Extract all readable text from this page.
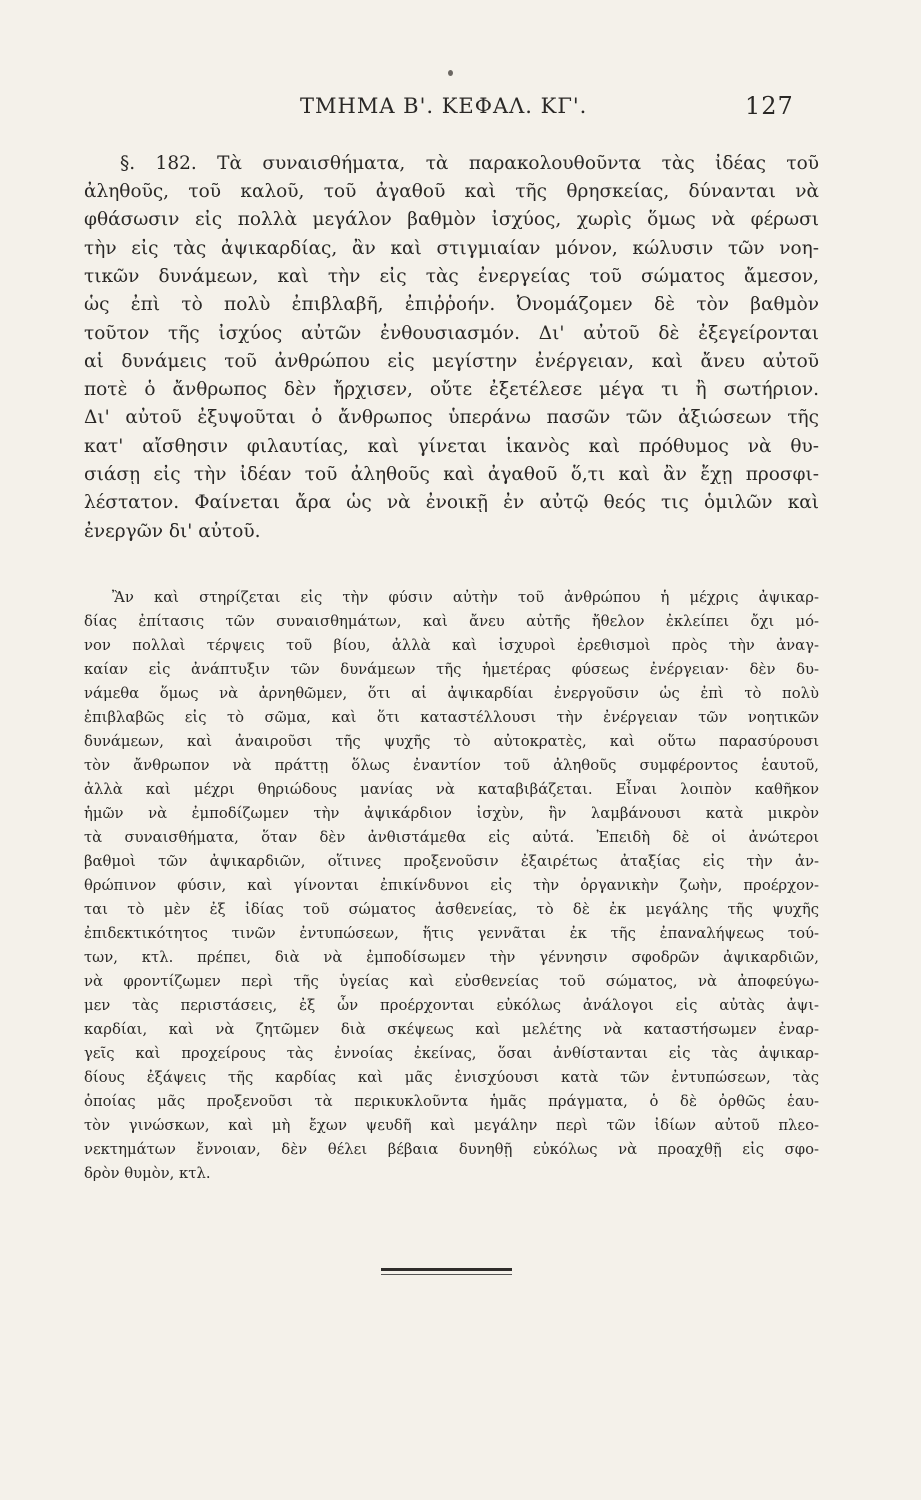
ΤΜΗΜΑ Β'. ΚΕΦΑΛ. ΚΓ'.	127
§. 182. Τὰ συναισθήματα, τὰ παρακολουθοῦντα τὰς ἰδέας τοῦ
ἀληθοῦς, τοῦ καλοῦ, τοῦ ἀγαθοῦ καὶ τῆς θρησκείας, δύνανται νὰ
φθάσωσιν εἰς πολλὰ μεγάλον βαθμὸν ἰσχύος, χωρὶς ὅμως νὰ φέρωσι
τὴν εἰς τὰς ἀψικαρδίας, ἂν καὶ στιγμιαίαν μόνον, κώλυσιν τῶν νοη-
τικῶν δυνάμεων, καὶ τὴν εἰς τὰς ἐνεργείας τοῦ σώματος ἄμεσον,
ὡς ἐπὶ τὸ πολὺ ἐπιβλαβῆ, ἐπιῤῥοήν. Ὀνομάζομεν δὲ τὸν βαθμὸν
τοῦτον τῆς ἰσχύος αὐτῶν ἐνθουσιασμόν. Δι' αὐτοῦ δὲ ἐξεγείρονται
αἱ δυνάμεις τοῦ ἀνθρώπου εἰς μεγίστην ἐνέργειαν, καὶ ἄνευ αὐτοῦ
ποτὲ ὁ ἄνθρωπος δὲν ἤρχισεν, οὔτε ἐξετέλεσε μέγα τι ἢ σωτήριον.
Δι' αὐτοῦ ἐξυψοῦται ὁ ἄνθρωπος ὑπεράνω πασῶν τῶν ἀξιώσεων τῆς
κατ' αἴσθησιν φιλαυτίας, καὶ γίνεται ἱκανὸς καὶ πρόθυμος νὰ θυ-
σιάσῃ εἰς τὴν ἰδέαν τοῦ ἀληθοῦς καὶ ἀγαθοῦ ὅ,τι καὶ ἂν ἔχῃ προσφι-
λέστατον. Φαίνεται ἄρα ὡς νὰ ἐνοικῇ ἐν αὐτῷ θεός τις ὁμιλῶν καὶ
ἐνεργῶν δι' αὐτοῦ.
Ἂν καὶ στηρίζεται εἰς τὴν φύσιν αὐτὴν τοῦ ἀνθρώπου ἡ μέχρις ἀψικαρ-
δίας ἐπίτασις τῶν συναισθημάτων, καὶ ἄνευ αὐτῆς ἤθελον ἐκλείπει ὄχι μό-
νον πολλαὶ τέρψεις τοῦ βίου, ἀλλὰ καὶ ἰσχυροὶ ἐρεθισμοὶ πρὸς τὴν ἀναγ-
καίαν εἰς ἀνάπτυξιν τῶν δυνάμεων τῆς ἡμετέρας φύσεως ἐνέργειαν· δὲν δυ-
νάμεθα ὅμως νὰ ἀρνηθῶμεν, ὅτι αἱ ἀψικαρδίαι ἐνεργοῦσιν ὡς ἐπὶ τὸ πολὺ
ἐπιβλαβῶς εἰς τὸ σῶμα, καὶ ὅτι καταστέλλουσι τὴν ἐνέργειαν τῶν νοητικῶν
δυνάμεων, καὶ ἀναιροῦσι τῆς ψυχῆς τὸ αὐτοκρατὲς, καὶ οὕτω παρασύρουσι
τὸν ἄνθρωπον νὰ πράττῃ ὅλως ἐναντίον τοῦ ἀληθοῦς συμφέροντος ἑαυτοῦ,
ἀλλὰ καὶ μέχρι θηριώδους μανίας νὰ καταβιβάζεται. Εἶναι λοιπὸν καθῆκον
ἡμῶν νὰ ἐμποδίζωμεν τὴν ἀψικάρδιον ἰσχὺν, ἣν λαμβάνουσι κατὰ μικρὸν
τὰ συναισθήματα, ὅταν δὲν ἀνθιστάμεθα εἰς αὐτά. Ἐπειδὴ δὲ οἱ ἀνώτεροι
βαθμοὶ τῶν ἀψικαρδιῶν, οἵτινες προξενοῦσιν ἐξαιρέτως ἀταξίας εἰς τὴν ἀν-
θρώπινον φύσιν, καὶ γίνονται ἐπικίνδυνοι εἰς τὴν ὀργανικὴν ζωὴν, προέρχον-
ται τὸ μὲν ἐξ ἰδίας τοῦ σώματος ἀσθενείας, τὸ δὲ ἐκ μεγάλης τῆς ψυχῆς
ἐπιδεκτικότητος τινῶν ἐντυπώσεων, ἥτις γεννᾶται ἐκ τῆς ἐπαναλήψεως τού-
των, κτλ. πρέπει, διὰ νὰ ἐμποδίσωμεν τὴν γέννησιν σφοδρῶν ἀψικαρδιῶν,
νὰ φροντίζωμεν περὶ τῆς ὑγείας καὶ εὐσθενείας τοῦ σώματος, νὰ ἀποφεύγω-
μεν τὰς περιστάσεις, ἐξ ὧν προέρχονται εὐκόλως ἀνάλογοι εἰς αὐτὰς ἀψι-
καρδίαι, καὶ νὰ ζητῶμεν διὰ σκέψεως καὶ μελέτης νὰ καταστήσωμεν ἐναρ-
γεῖς καὶ προχείρους τὰς ἐννοίας ἐκείνας, ὅσαι ἀνθίστανται εἰς τὰς ἀψικαρ-
δίους ἐξάψεις τῆς καρδίας καὶ μᾶς ἐνισχύουσι κατὰ τῶν ἐντυπώσεων, τὰς
ὁποίας μᾶς προξενοῦσι τὰ περικυκλοῦντα ἡμᾶς πράγματα, ὁ δὲ ὀρθῶς ἑαυ-
τὸν γινώσκων, καὶ μὴ ἔχων ψευδῆ καὶ μεγάλην περὶ τῶν ἰδίων αὐτοῦ πλεο-
νεκτημάτων ἔννοιαν, δὲν θέλει βέβαια δυνηθῇ εὐκόλως νὰ προαχθῇ εἰς σφο-
δρὸν θυμὸν, κτλ.
